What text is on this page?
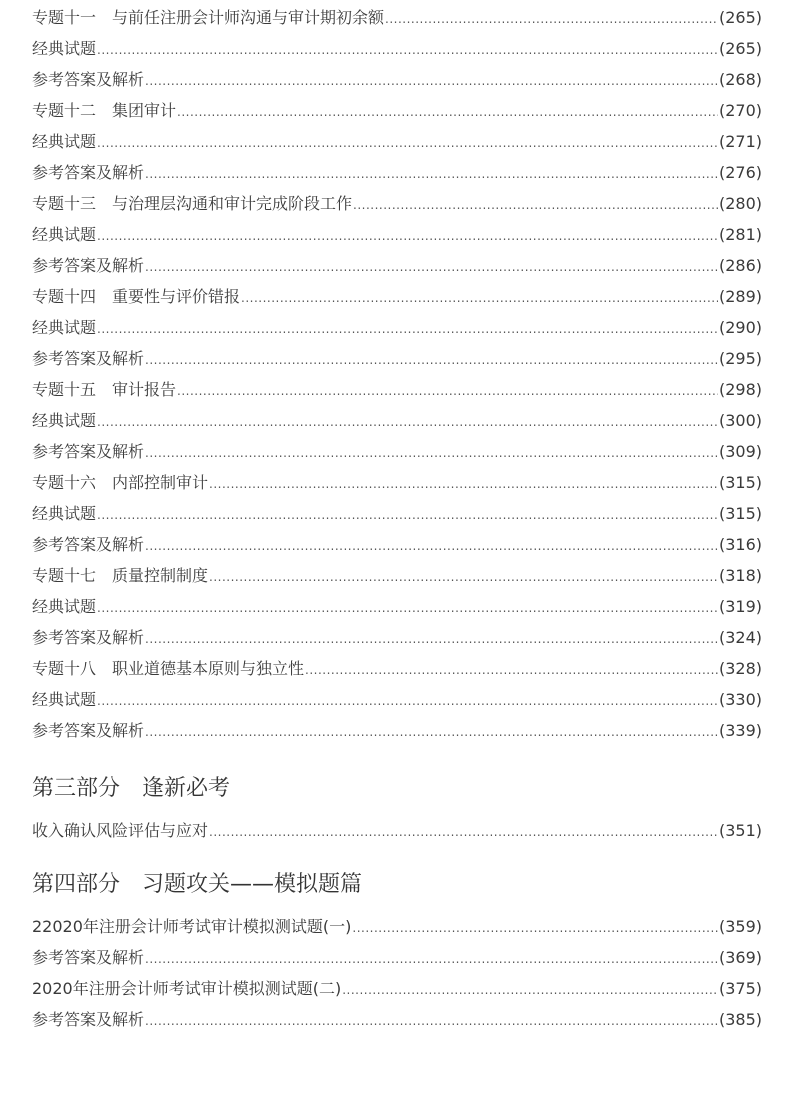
专题十一　与前任注册会计师沟通与审计期初余额 .....	(265)
经典试题 .....	(265)
参考答案及解析 .....	(268)
专题十二　集团审计 .....	(270)
经典试题 .....	(271)
参考答案及解析 .....	(276)
专题十三　与治理层沟通和审计完成阶段工作 .....	(280)
经典试题 .....	(281)
参考答案及解析 .....	(286)
专题十四　重要性与评价错报 .....	(289)
经典试题 .....	(290)
参考答案及解析 .....	(295)
专题十五　审计报告 .....	(298)
经典试题 .....	(300)
参考答案及解析 .....	(309)
专题十六　内部控制审计 .....	(315)
经典试题 .....	(315)
参考答案及解析 .....	(316)
专题十七　质量控制制度 .....	(318)
经典试题 .....	(319)
参考答案及解析 .....	(324)
专题十八　职业道德基本原则与独立性 .....	(328)
经典试题 .....	(330)
参考答案及解析 .....	(339)
第三部分　逢新必考
收入确认风险评估与应对 .....	(351)
第四部分　习题攻关——模拟题篇
22020年注册会计师考试审计模拟测试题(一) .....	(359)
参考答案及解析 .....	(369)
2020年注册会计师考试审计模拟测试题(二) .....	(375)
参考答案及解析 .....	(385)
